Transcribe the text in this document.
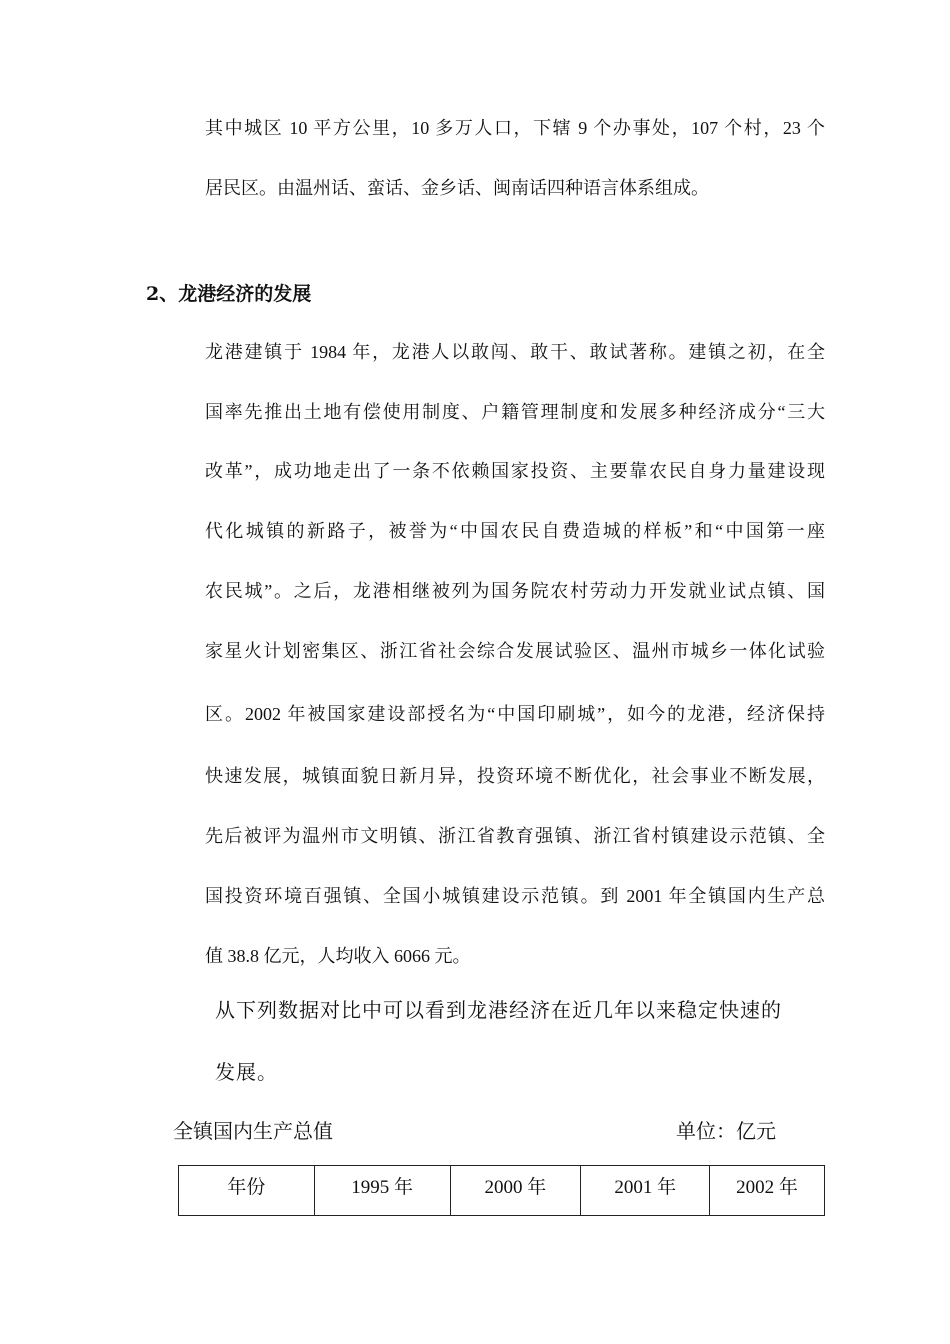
其中城区 10 平方公里，10 多万人口，下辖 9 个办事处，107 个村，23 个
居民区。由温州话、蛮话、金乡话、闽南话四种语言体系组成。
2、龙港经济的发展
龙港建镇于 1984 年，龙港人以敢闯、敢干、敢试著称。建镇之初，在全
国率先推出土地有偿使用制度、户籍管理制度和发展多种经济成分“三大
改革”，成功地走出了一条不依赖国家投资、主要靠农民自身力量建设现
代化城镇的新路子，被誉为“中国农民自费造城的样板”和“中国第一座
农民城”。之后，龙港相继被列为国务院农村劳动力开发就业试点镇、国
家星火计划密集区、浙江省社会综合发展试验区、温州市城乡一体化试验
区。2002 年被国家建设部授名为“中国印刷城”，如今的龙港，经济保持
快速发展，城镇面貌日新月异，投资环境不断优化，社会事业不断发展，
先后被评为温州市文明镇、浙江省教育强镇、浙江省村镇建设示范镇、全
国投资环境百强镇、全国小城镇建设示范镇。到 2001 年全镇国内生产总
值 38.8 亿元，人均收入 6066 元。
从下列数据对比中可以看到龙港经济在近几年以来稳定快速的
发展。
全镇国内生产总值	单位：亿元
年份	1995 年	2000 年	2001 年	2002 年
